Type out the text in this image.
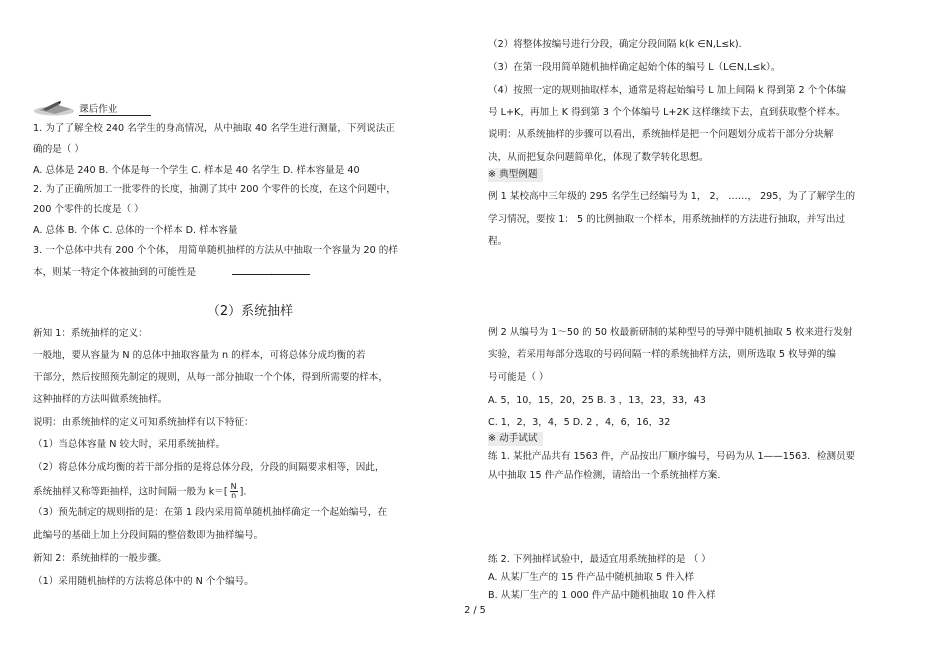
课后作业
1. 为了了解全校 240 名学生的身高情况，从中抽取 40 名学生进行测量，下列说法正
确的是（ ）
A. 总体是 240 B. 个体是每一个学生 C. 样本是 40 名学生 D. 样本容量是 40
2. 为了正确所加工一批零件的长度，抽測了其中 200 个零件的长度，在这个问题中，
200 个零件的长度是（ ）
A. 总体 B. 个体 C. 总体的一个样本 D. 样本容量
3. 一个总体中共有 200 个个体， 用简单随机抽样的方法从中抽取一个容量为 20 的样
本，则某一特定个体被抽到的可能性是	.
（2）系统抽样
新知 1：系统抽样的定义：
一般地，要从容量为 N 的总体中抽取容量为 n 的样本，可将总体分成均衡的若
干部分，然后按照预先制定的规则，从每一部分抽取一个个体，得到所需要的样本，
这种抽样的方法叫做系统抽样。
说明：由系统抽样的定义可知系统抽样有以下特征：
（1）当总体容量 N 较大时，采用系统抽样。
（2）将总体分成均衡的若干部分指的是将总体分段，分段的间隔要求相等，因此，
系统抽样又称等距抽样，这时间隔一般为 $k=[ \frac{N}{n}$ ].
（3）预先制定的规则指的是：在第 1 段内采用简单随机抽样确定一个起始编号，在
此编号的基础上加上分段间隔的整倍数即为抽样编号。
新知 2：系统抽样的一般步骤。
（1）采用随机抽样的方法将总体中的 N 个个编号。
（2）将整体按编号进行分段，确定分段间隔 k(k ∈N,L≤k).
（3）在第一段用简单随机抽样确定起始个体的编号 L（L∈N,L≤k）。
（4）按照一定的规则抽取样本，通常是将起始编号 L 加上间隔 k 得到第 2 个个体编
号 L+K，再加上 K 得到第 3 个个体编号 L+2K 这样继续下去，直到获取整个样本。
说明：从系统抽样的步骤可以看出，系统抽样是把一个问题划分成若干部分分块解
决，从而把复杂问题简单化，体现了数学转化思想。
※ 典型例题
例 1 某校高中三年级的 295 名学生已经编号为 1， 2， ……， 295，为了了解学生的
学习情况，要按 1： 5 的比例抽取一个样本，用系统抽样的方法进行抽取，并写出过
程。
例 2 从编号为 1～50 的 50 枚最新研制的某种型号的导弹中随机抽取 5 枚来进行发射
实验，若采用每部分选取的号码间隔一样的系统抽样方法，则所选取 5 枚导弹的编
号可能是（ ）
A. 5，10，15，20，25 B. 3 ，13，23，33，43
C. 1，2，3，4，5 D. 2 ，4，6，16，32
※ 动手试试
练 1. 某批产品共有 1563 件，产品按出厂顺序编号，号码为从 1——1563．检测员要
从中抽取 15 件产品作检测，请给出一个系统抽样方案.
练 2. 下列抽样试验中，最适宜用系统抽样的是 （ ）
A. 从某厂生产的 15 件产品中随机抽取 5 件入样
B. 从某厂生产的 1 000 件产品中随机抽取 10 件入样
2 / 5
